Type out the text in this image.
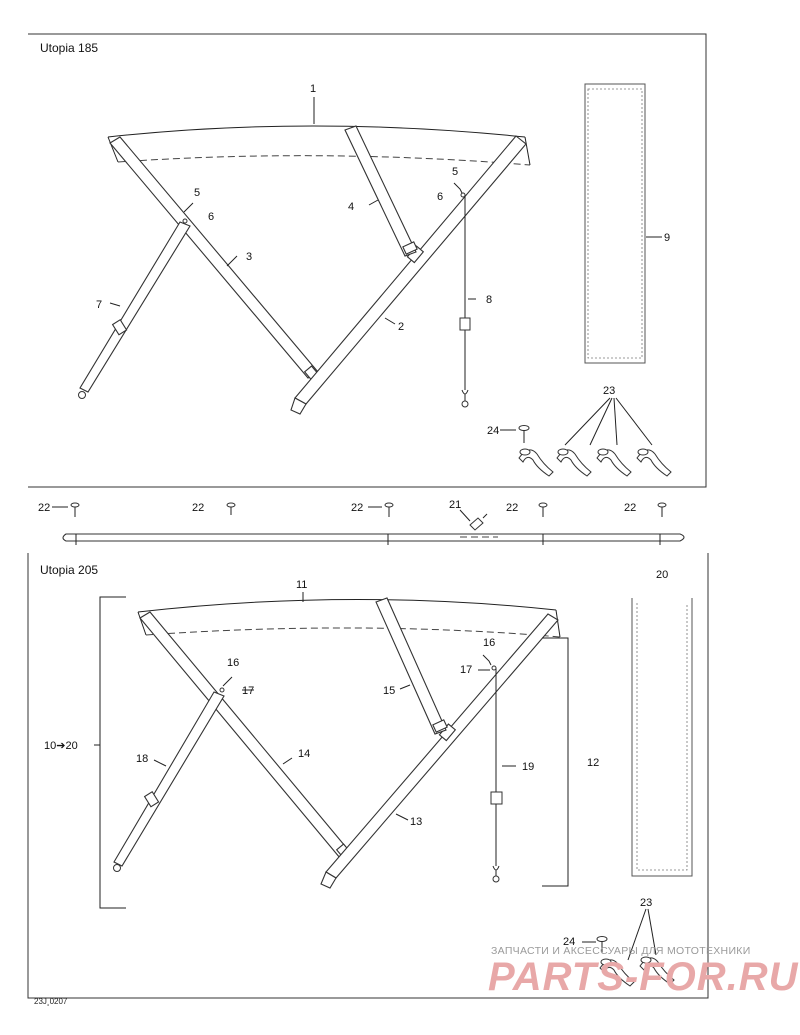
Utopia 185
1
2
3
4
5
6
5
6
7	8
9
23
24
22	22	22	22	22
21
Utopia 205
11
12
13
14
15
16
17
16
17
18
19
20
10➔20
23
24
23J¸0207
ЗАПЧАСТИ И АКСЕССУАРЫ ДЛЯ МОТОТЕХНИКИ
PARTS-FOR.RU
